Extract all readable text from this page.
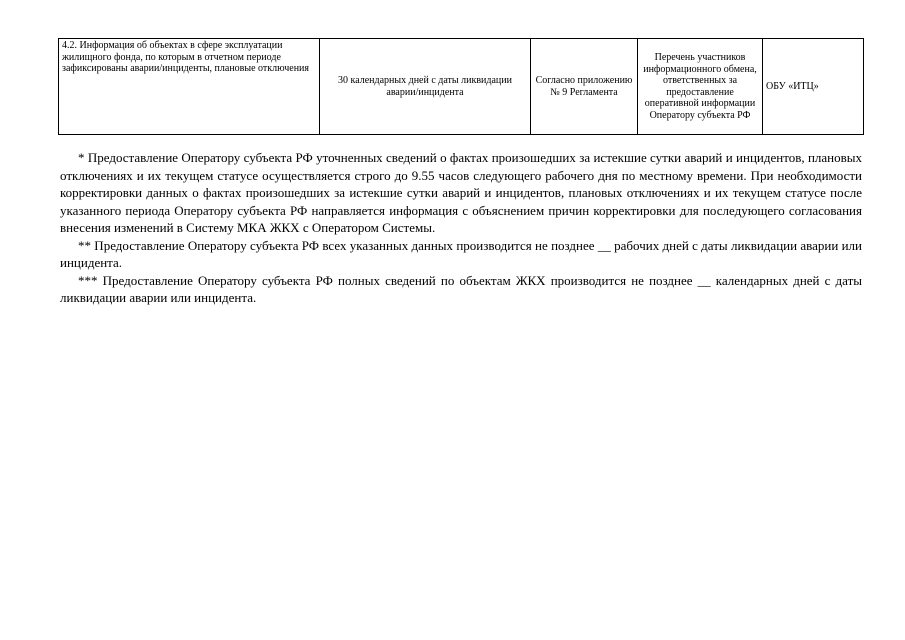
4.2. Информация об объектах в сфере эксплуатации жилищного фонда, по которым в отчетном периоде зафиксированы аварии/инциденты, плановые отключения	30 календарных дней с даты ликвидации аварии/инцидента	Согласно приложению № 9 Регламента	Перечень участников информационного обмена, ответственных за предоставление оперативной информации Оператору субъекта РФ	ОБУ «ИТЦ»

* Предоставление Оператору субъекта РФ уточненных сведений о фактах произошедших за истекшие сутки аварий и инцидентов, плановых отключениях и их текущем статусе осуществляется строго до 9.55 часов следующего рабочего дня по местному времени. При необходимости корректировки данных о фактах произошедших за истекшие сутки аварий и инцидентов, плановых отключениях и их текущем статусе после указанного периода Оператору субъекта РФ направляется информация с объяснением причин корректировки для последующего согласования внесения изменений в Систему МКА ЖКХ с Оператором Системы.

** Предоставление Оператору субъекта РФ всех указанных данных производится не позднее __ рабочих дней с даты ликвидации аварии или инцидента.

*** Предоставление Оператору субъекта РФ полных сведений по объектам ЖКХ производится не позднее __ календарных дней с даты ликвидации аварии или инцидента.
